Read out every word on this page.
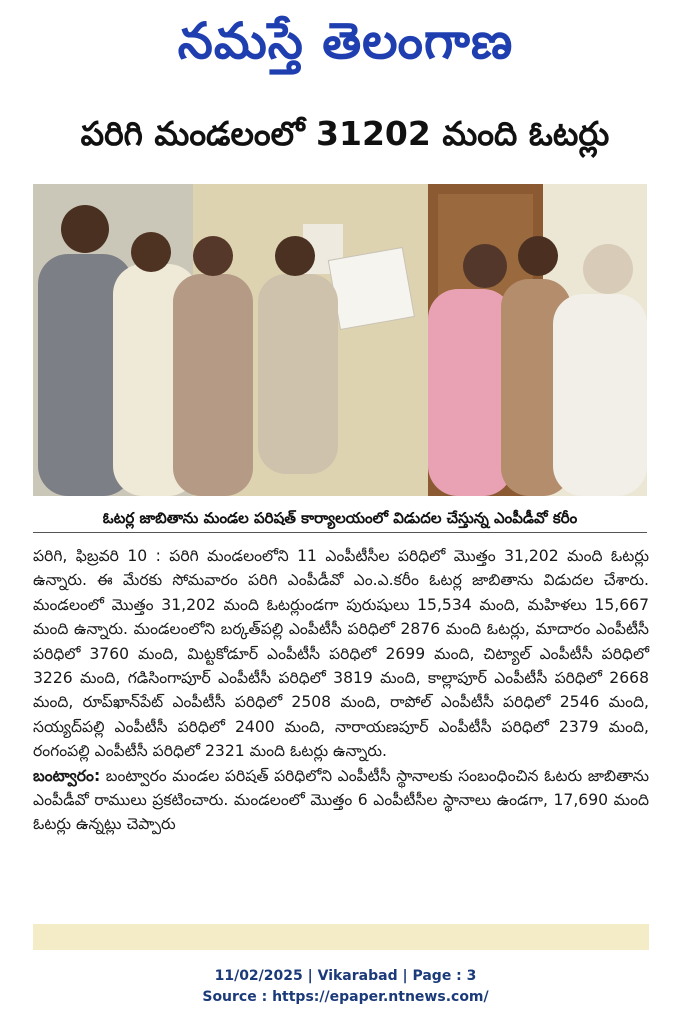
నమస్తే తెలంగాణ
పరిగి మండలంలో 31202 మంది ఓటర్లు
ఓటర్ల జాబితాను మండల పరిషత్ కార్యాలయంలో విడుదల చేస్తున్న ఎంపీడీవో కరీం

పరిగి, ఫిబ్రవరి 10 : పరిగి మండలంలోని 11 ఎంపీటీసీల పరిధిలో మొత్తం 31,202 మంది ఓటర్లు ఉన్నారు. ఈ మేరకు సోమవారం పరిగి ఎంపీడీవో ఎం.ఎ.కరీం ఓటర్ల జాబితాను విడుదల చేశారు. మండలంలో మొత్తం 31,202 మంది ఓటర్లుండగా పురుషులు 15,534 మంది, మహిళలు 15,667 మంది ఉన్నారు. మండలంలోని బర్కత్‌పల్లి ఎంపీటీసీ పరిధిలో 2876 మంది ఓటర్లు, మాదారం ఎంపీటీసీ పరిధిలో 3760 మంది, మిట్టకోడూర్ ఎంపీటీసీ పరిధిలో 2699 మంది, చిట్యాల్ ఎంపీటీసీ పరిధిలో 3226 మంది, గడిసింగాపూర్ ఎంపీటీసీ పరిధిలో 3819 మంది, కాల్లాపూర్ ఎంపీటీసీ పరిధిలో 2668 మంది, రూప్‌ఖాన్‌పేట్ ఎంపీటీసీ పరిధిలో 2508 మంది, రాపోల్ ఎంపీటీసీ పరిధిలో 2546 మంది, సయ్యద్‌పల్లి ఎంపీటీసీ పరిధిలో 2400 మంది, నారాయణపూర్ ఎంపీటీసీ పరిధిలో 2379 మంది, రంగంపల్లి ఎంపీటీసీ పరిధిలో 2321 మంది ఓటర్లు ఉన్నారు.

బంట్వారం: బంట్వారం మండల పరిషత్ పరిధిలోని ఎంపీటీసీ స్థానాలకు సంబంధించిన ఓటరు జాబితాను ఎంపీడీవో రాములు ప్రకటించారు. మండలంలో మొత్తం 6 ఎంపీటీసీల స్థానాలు ఉండగా, 17,690 మంది ఓటర్లు ఉన్నట్లు చెప్పారు

11/02/2025 | Vikarabad | Page : 3
Source : https://epaper.ntnews.com/
